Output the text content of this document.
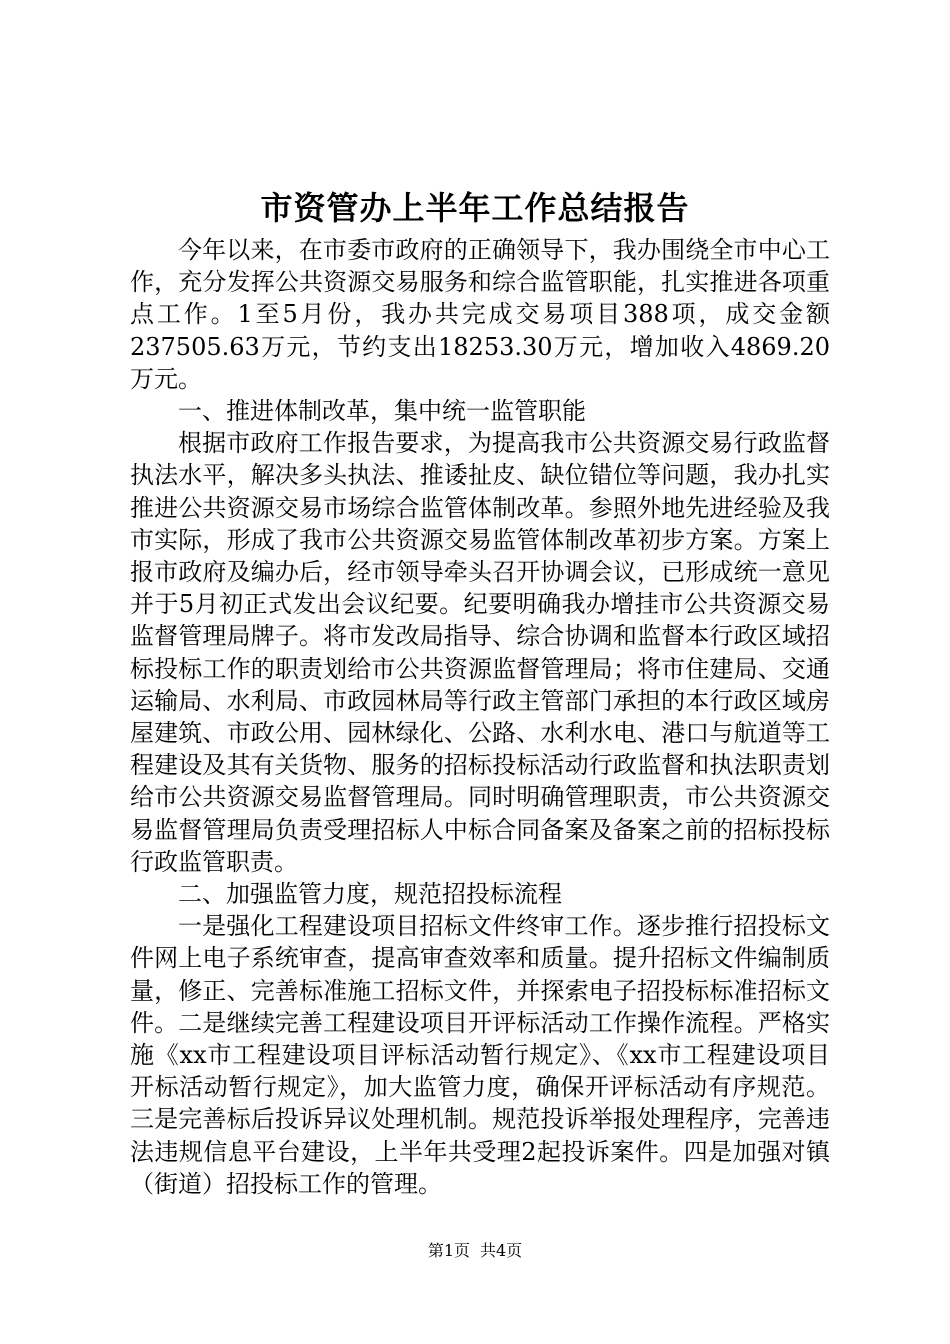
市资管办上半年工作总结报告

今年以来，在市委市政府的正确领导下，我办围绕全市中心工作，充分发挥公共资源交易服务和综合监管职能，扎实推进各项重点工作。1至5月份，我办共完成交易项目388项，成交金额237505.63万元，节约支出18253.30万元，增加收入4869.20万元。

一、推进体制改革，集中统一监管职能

根据市政府工作报告要求，为提高我市公共资源交易行政监督执法水平，解决多头执法、推诿扯皮、缺位错位等问题，我办扎实推进公共资源交易市场综合监管体制改革。参照外地先进经验及我市实际，形成了我市公共资源交易监管体制改革初步方案。方案上报市政府及编办后，经市领导牵头召开协调会议，已形成统一意见并于5月初正式发出会议纪要。纪要明确我办增挂市公共资源交易监督管理局牌子。将市发改局指导、综合协调和监督本行政区域招标投标工作的职责划给市公共资源监督管理局；将市住建局、交通运输局、水利局、市政园林局等行政主管部门承担的本行政区域房屋建筑、市政公用、园林绿化、公路、水利水电、港口与航道等工程建设及其有关货物、服务的招标投标活动行政监督和执法职责划给市公共资源交易监督管理局。同时明确管理职责，市公共资源交易监督管理局负责受理招标人中标合同备案及备案之前的招标投标行政监管职责。

二、加强监管力度，规范招投标流程

一是强化工程建设项目招标文件终审工作。逐步推行招投标文件网上电子系统审查，提高审查效率和质量。提升招标文件编制质量，修正、完善标准施工招标文件，并探索电子招投标标准招标文件。二是继续完善工程建设项目开评标活动工作操作流程。严格实施《xx市工程建设项目评标活动暂行规定》、《xx市工程建设项目开标活动暂行规定》，加大监管力度，确保开评标活动有序规范。三是完善标后投诉异议处理机制。规范投诉举报处理程序，完善违法违规信息平台建设，上半年共受理2起投诉案件。四是加强对镇（街道）招投标工作的管理。

第1页 共4页
